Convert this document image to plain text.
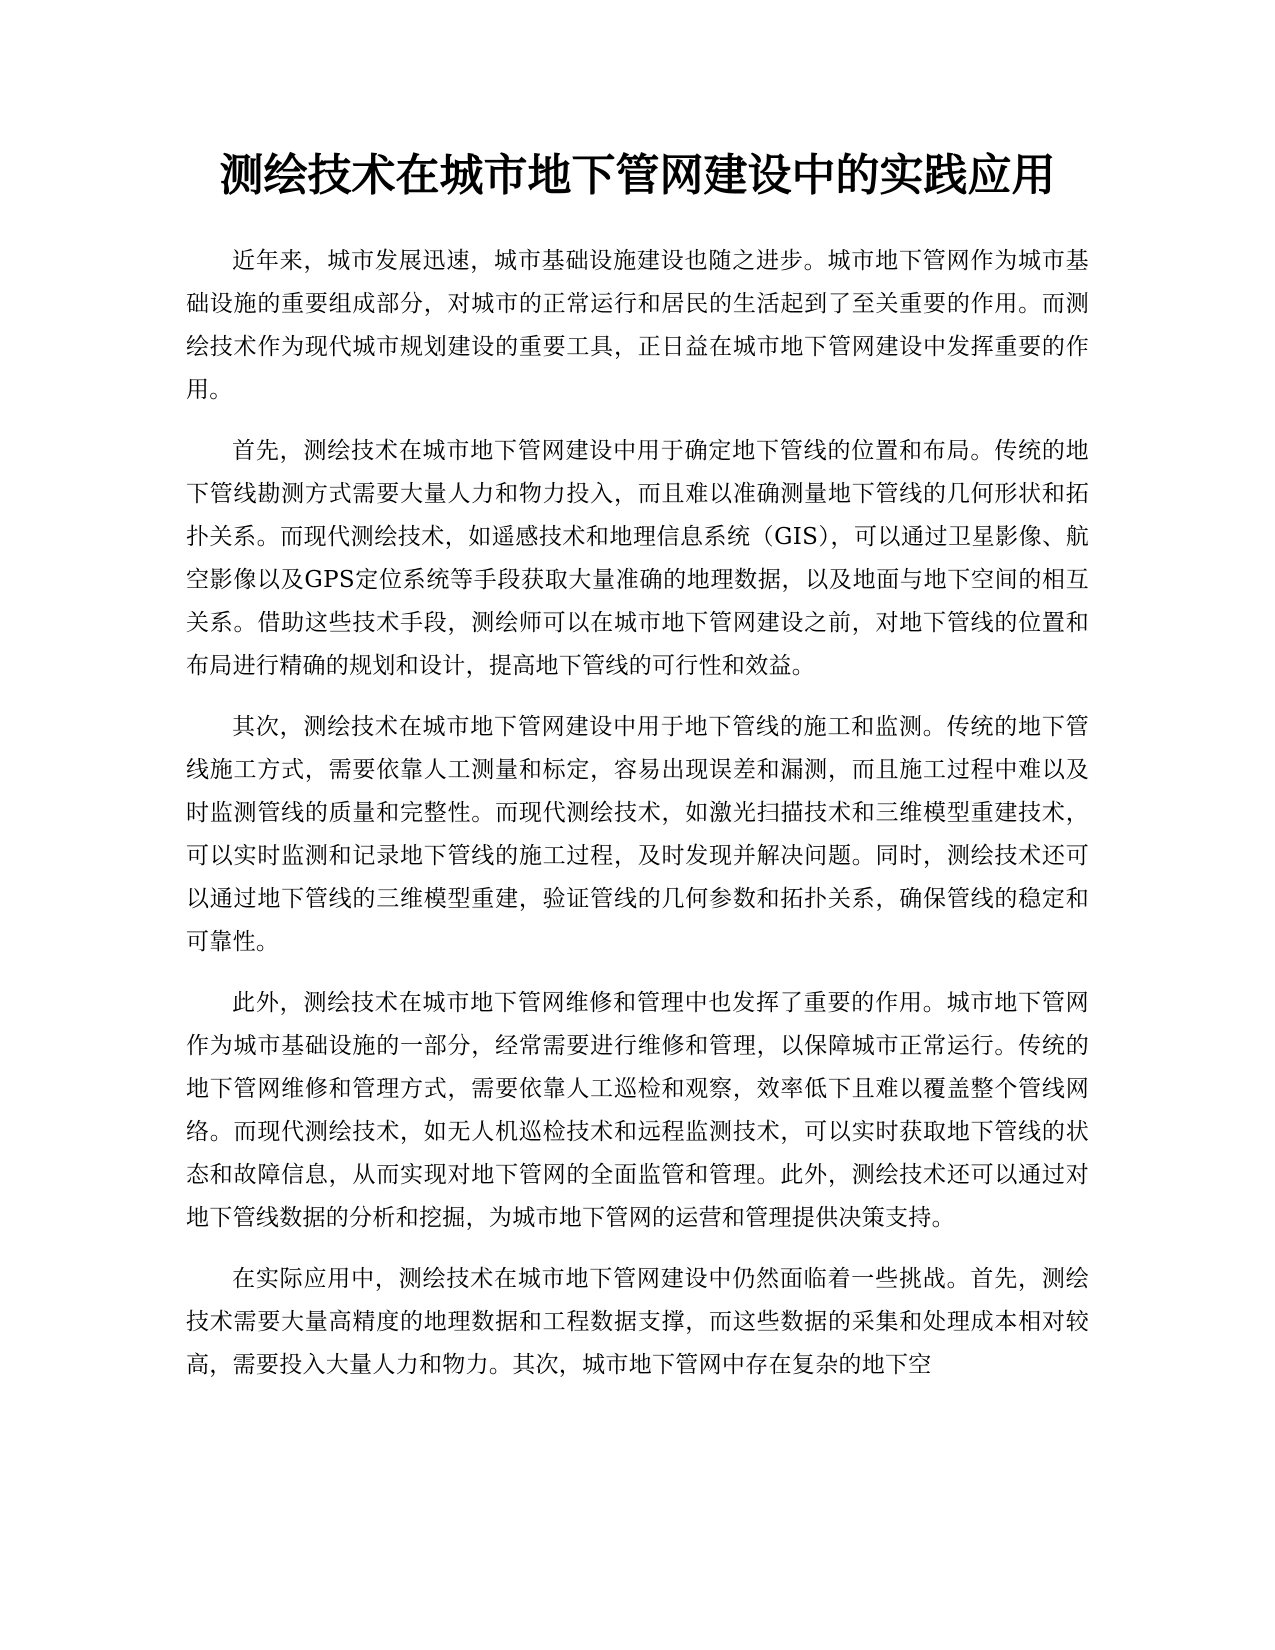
测绘技术在城市地下管网建设中的实践应用

近年来，城市发展迅速，城市基础设施建设也随之进步。城市地下管网作为城市基础设施的重要组成部分，对城市的正常运行和居民的生活起到了至关重要的作用。而测绘技术作为现代城市规划建设的重要工具，正日益在城市地下管网建设中发挥重要的作用。

首先，测绘技术在城市地下管网建设中用于确定地下管线的位置和布局。传统的地下管线勘测方式需要大量人力和物力投入，而且难以准确测量地下管线的几何形状和拓扑关系。而现代测绘技术，如遥感技术和地理信息系统（GIS），可以通过卫星影像、航空影像以及GPS定位系统等手段获取大量准确的地理数据，以及地面与地下空间的相互关系。借助这些技术手段，测绘师可以在城市地下管网建设之前，对地下管线的位置和布局进行精确的规划和设计，提高地下管线的可行性和效益。

其次，测绘技术在城市地下管网建设中用于地下管线的施工和监测。传统的地下管线施工方式，需要依靠人工测量和标定，容易出现误差和漏测，而且施工过程中难以及时监测管线的质量和完整性。而现代测绘技术，如激光扫描技术和三维模型重建技术，可以实时监测和记录地下管线的施工过程，及时发现并解决问题。同时，测绘技术还可以通过地下管线的三维模型重建，验证管线的几何参数和拓扑关系，确保管线的稳定和可靠性。

此外，测绘技术在城市地下管网维修和管理中也发挥了重要的作用。城市地下管网作为城市基础设施的一部分，经常需要进行维修和管理，以保障城市正常运行。传统的地下管网维修和管理方式，需要依靠人工巡检和观察，效率低下且难以覆盖整个管线网络。而现代测绘技术，如无人机巡检技术和远程监测技术，可以实时获取地下管线的状态和故障信息，从而实现对地下管网的全面监管和管理。此外，测绘技术还可以通过对地下管线数据的分析和挖掘，为城市地下管网的运营和管理提供决策支持。

在实际应用中，测绘技术在城市地下管网建设中仍然面临着一些挑战。首先，测绘技术需要大量高精度的地理数据和工程数据支撑，而这些数据的采集和处理成本相对较高，需要投入大量人力和物力。其次，城市地下管网中存在复杂的地下空
